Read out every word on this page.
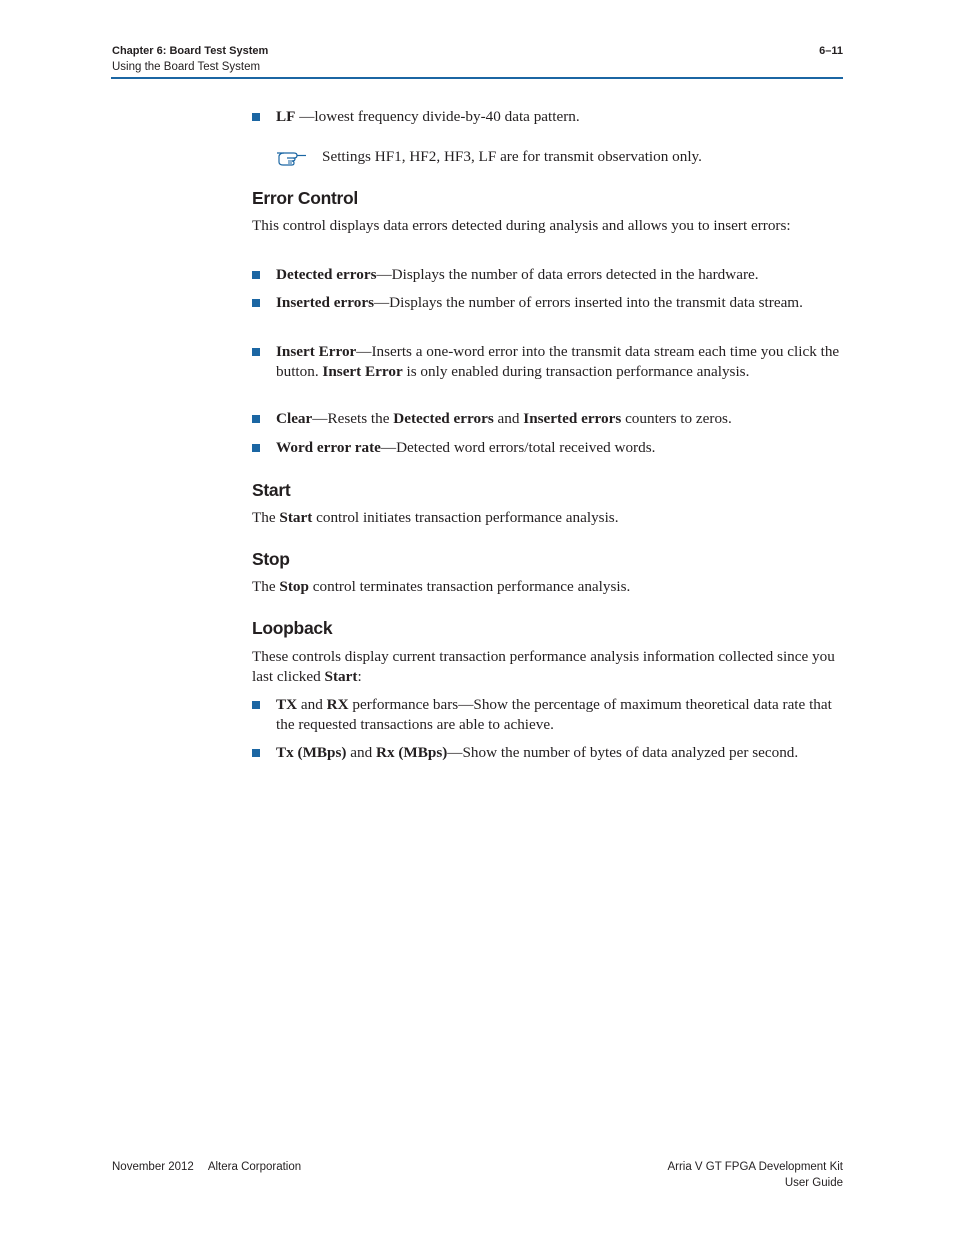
Chapter 6: Board Test System
Using the Board Test System
6–11
LF —lowest frequency divide-by-40 data pattern.
Settings HF1, HF2, HF3, LF are for transmit observation only.
Error Control
This control displays data errors detected during analysis and allows you to insert errors:
Detected errors—Displays the number of data errors detected in the hardware.
Inserted errors—Displays the number of errors inserted into the transmit data stream.
Insert Error—Inserts a one-word error into the transmit data stream each time you click the button. Insert Error is only enabled during transaction performance analysis.
Clear—Resets the Detected errors and Inserted errors counters to zeros.
Word error rate—Detected word errors/total received words.
Start
The Start control initiates transaction performance analysis.
Stop
The Stop control terminates transaction performance analysis.
Loopback
These controls display current transaction performance analysis information collected since you last clicked Start:
TX and RX performance bars—Show the percentage of maximum theoretical data rate that the requested transactions are able to achieve.
Tx (MBps) and Rx (MBps)—Show the number of bytes of data analyzed per second.
November 2012 Altera Corporation	Arria V GT FPGA Development Kit
User Guide
